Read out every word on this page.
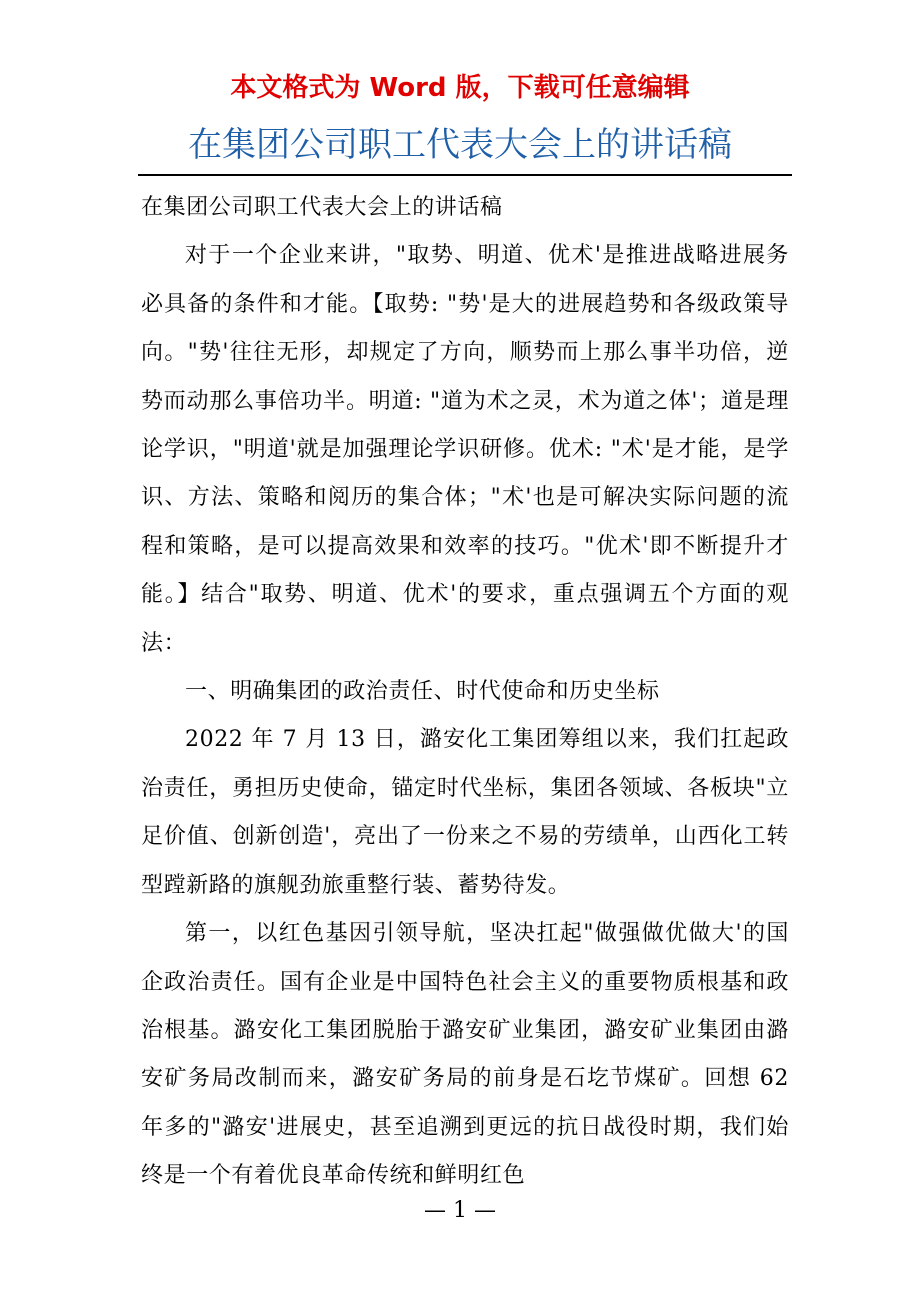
本文格式为 Word 版，下载可任意编辑
在集团公司职工代表大会上的讲话稿

在集团公司职工代表大会上的讲话稿

对于一个企业来讲，"取势、明道、优术'是推进战略进展务必具备的条件和才能。【取势: "势'是大的进展趋势和各级政策导向。"势'往往无形，却规定了方向，顺势而上那么事半功倍，逆势而动那么事倍功半。明道: "道为术之灵，术为道之体'；道是理论学识，"明道'就是加强理论学识研修。优术: "术'是才能，是学识、方法、策略和阅历的集合体；"术'也是可解决实际问题的流程和策略，是可以提高效果和效率的技巧。"优术'即不断提升才能。】结合"取势、明道、优术'的要求，重点强调五个方面的观法：

一、明确集团的政治责任、时代使命和历史坐标

2022 年 7 月 13 日，潞安化工集团筹组以来，我们扛起政治责任，勇担历史使命，锚定时代坐标，集团各领域、各板块"立足价值、创新创造'，亮出了一份来之不易的劳绩单，山西化工转型蹚新路的旗舰劲旅重整行装、蓄势待发。

第一，以红色基因引领导航，坚决扛起"做强做优做大'的国企政治责任。国有企业是中国特色社会主义的重要物质根基和政治根基。潞安化工集团脱胎于潞安矿业集团，潞安矿业集团由潞安矿务局改制而来，潞安矿务局的前身是石圪节煤矿。回想 62 年多的"潞安'进展史，甚至追溯到更远的抗日战役时期，我们始终是一个有着优良革命传统和鲜明红色

— 1 —
